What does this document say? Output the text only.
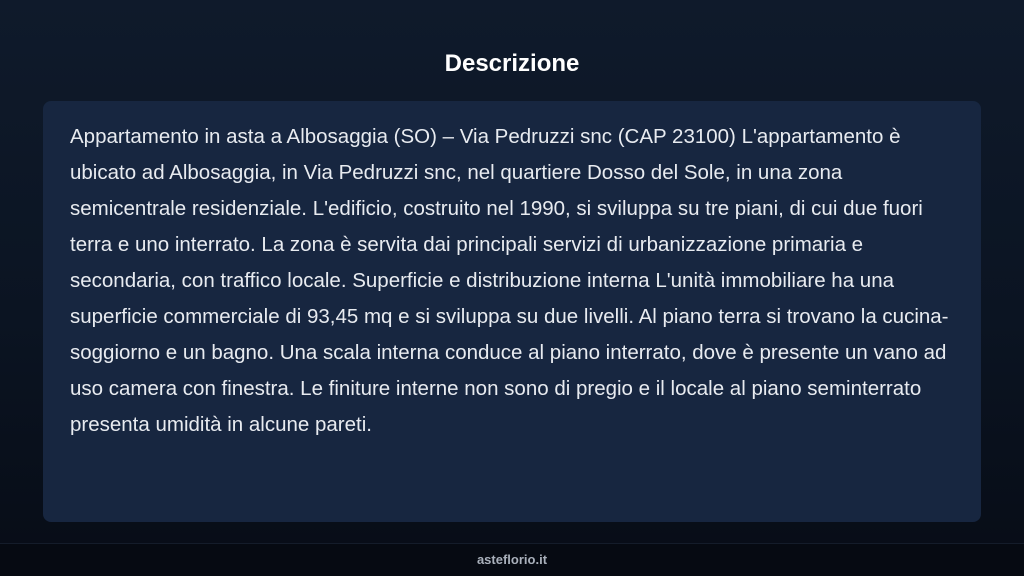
Descrizione

Appartamento in asta a Albosaggia (SO) – Via Pedruzzi snc (CAP 23100) L'appartamento è ubicato ad Albosaggia, in Via Pedruzzi snc, nel quartiere Dosso del Sole, in una zona semicentrale residenziale. L'edificio, costruito nel 1990, si sviluppa su tre piani, di cui due fuori terra e uno interrato. La zona è servita dai principali servizi di urbanizzazione primaria e secondaria, con traffico locale. Superficie e distribuzione interna L'unità immobiliare ha una superficie commerciale di 93,45 mq e si sviluppa su due livelli. Al piano terra si trovano la cucina-soggiorno e un bagno. Una scala interna conduce al piano interrato, dove è presente un vano ad uso camera con finestra. Le finiture interne non sono di pregio e il locale al piano seminterrato presenta umidità in alcune pareti.

asteflorio.it
